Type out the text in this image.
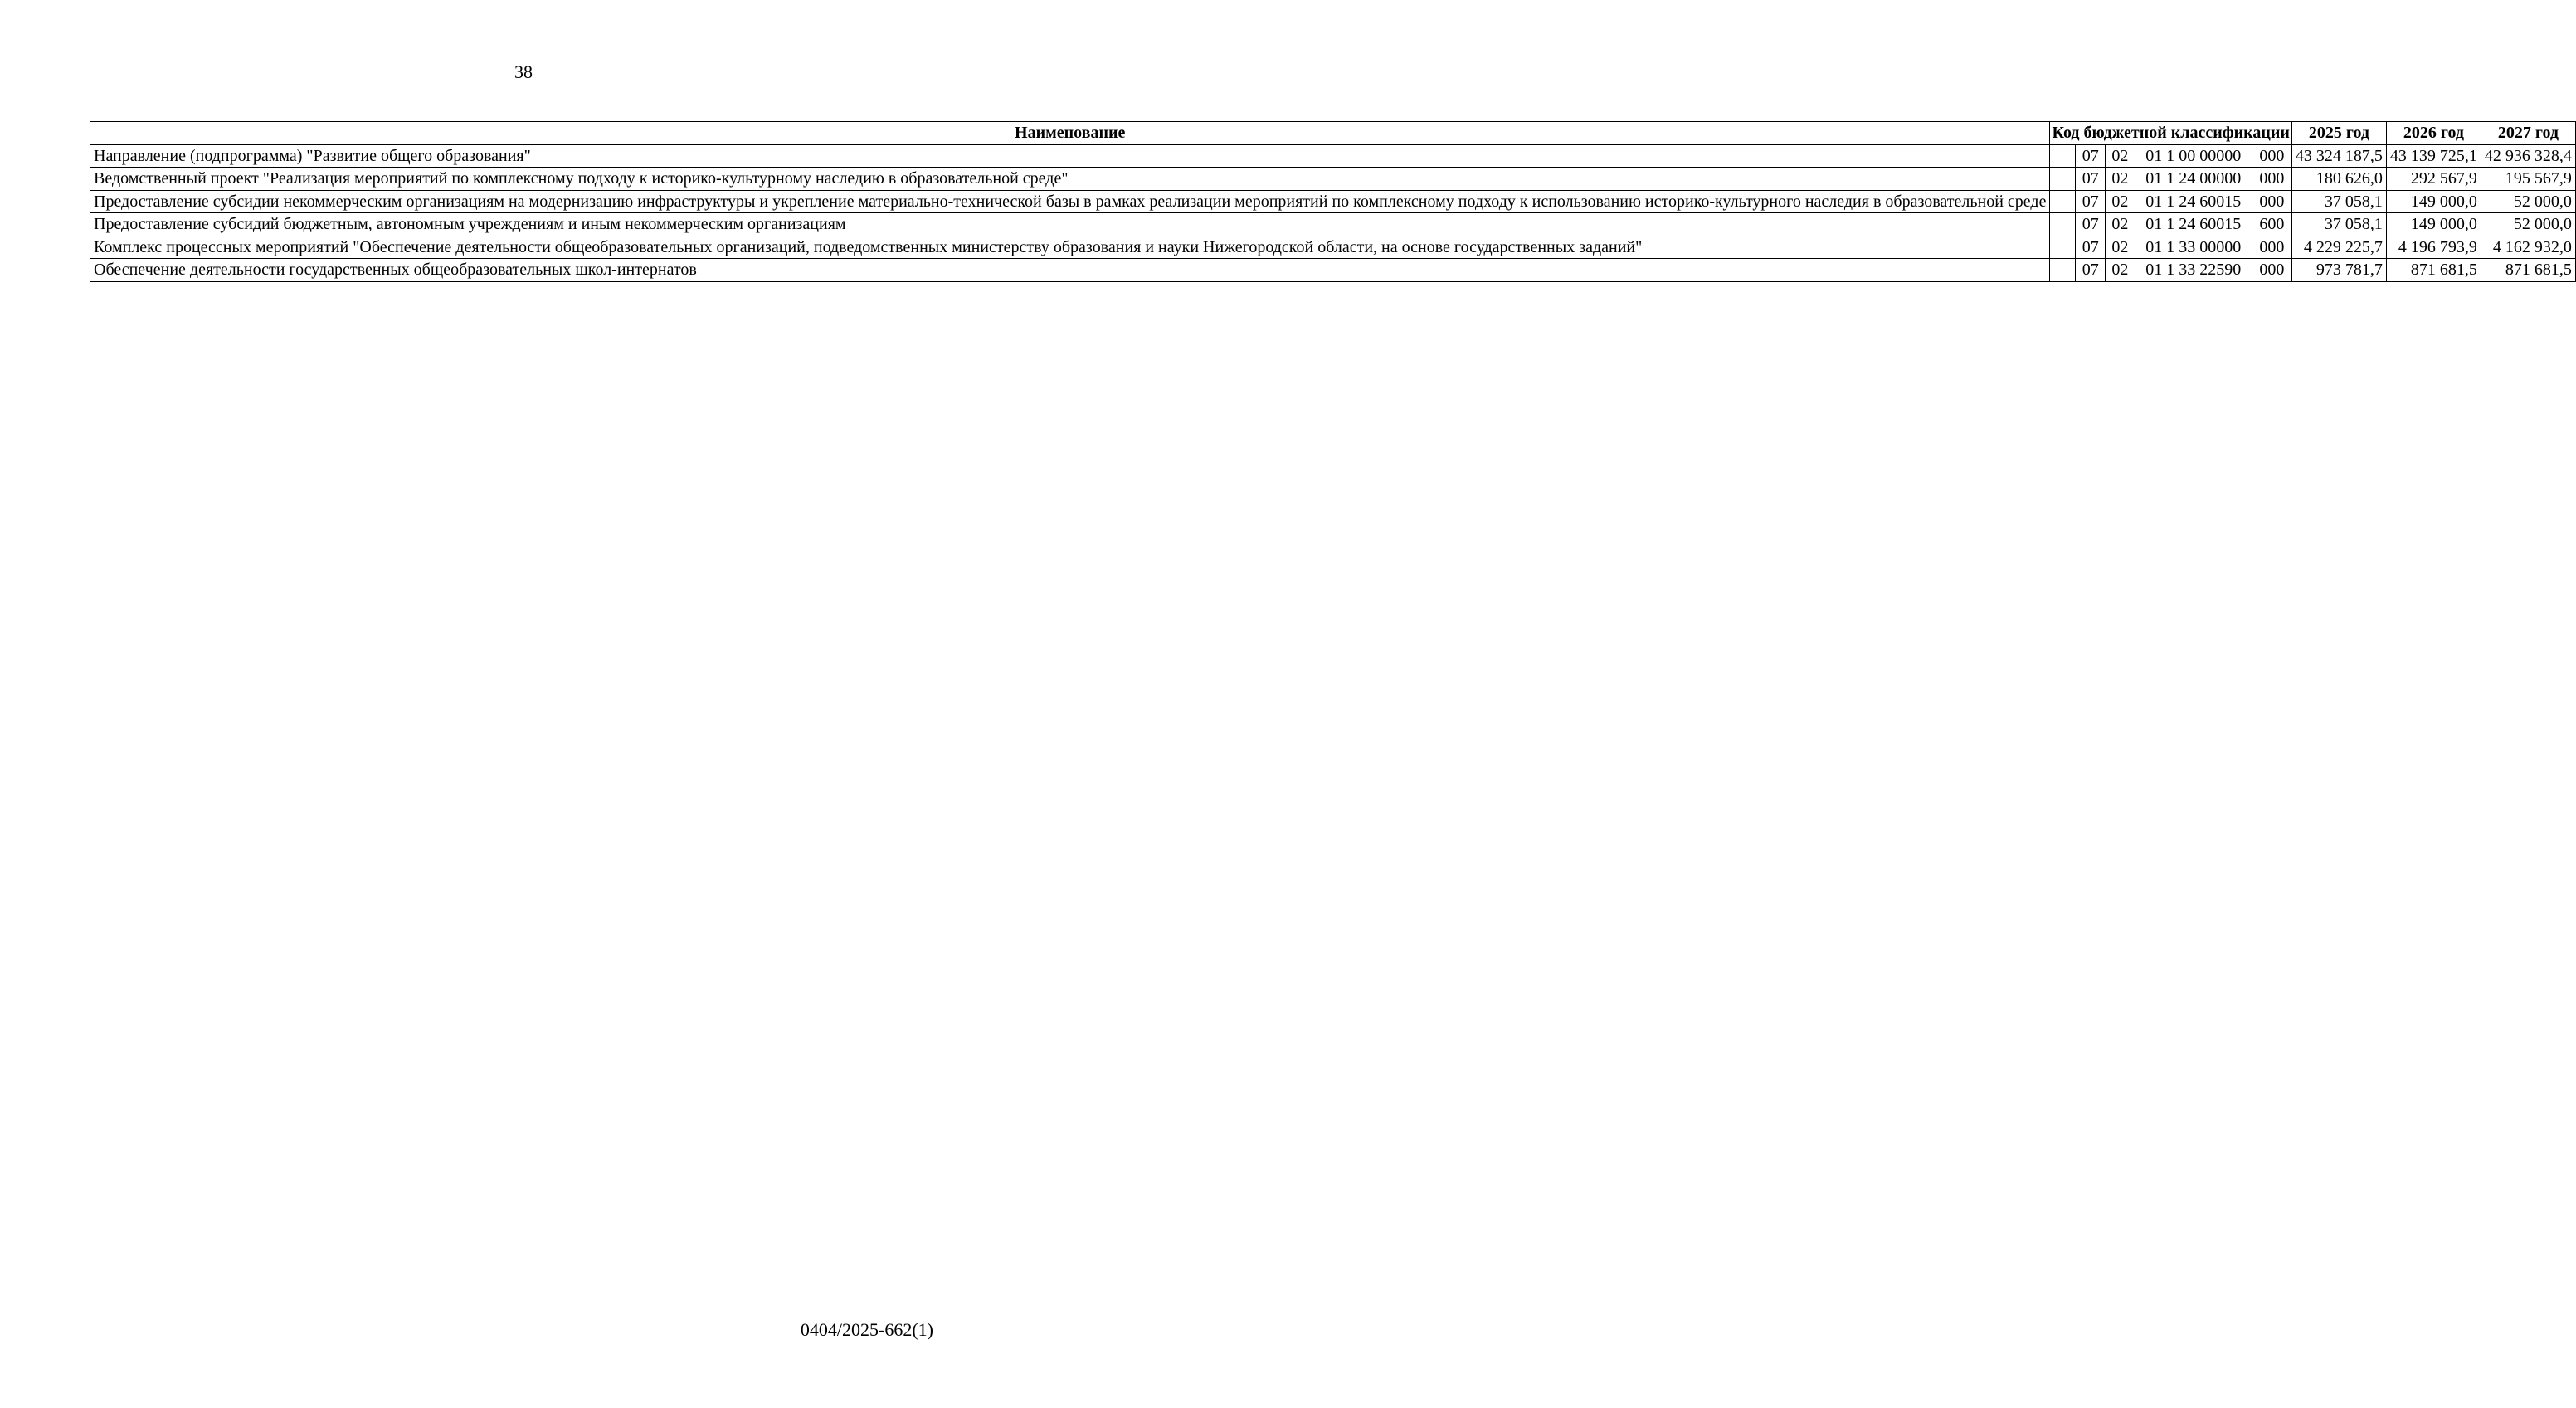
38
Наименование	Код бюджетной классификации					2025 год	2026 год	2027 год
Направление (подпрограмма) "Развитие общего образования"		07	02	01 1 00 00000	000	43 324 187,5	43 139 725,1	42 936 328,4
Ведомственный проект "Реализация мероприятий по комплексному подходу к историко-культурному наследию в образовательной среде"		07	02	01 1 24 00000	000	180 626,0	292 567,9	195 567,9
Предоставление субсидии некоммерческим организациям на модернизацию инфраструктуры и укрепление материально-технической базы в рамках реализации мероприятий по комплексному подходу к использованию историко-культурного наследия в образовательной среде		07	02	01 1 24 60015	000	37 058,1	149 000,0	52 000,0
Предоставление субсидий бюджетным, автономным учреждениям и иным некоммерческим организациям		07	02	01 1 24 60015	600	37 058,1	149 000,0	52 000,0
Комплекс процессных мероприятий "Обеспечение деятельности общеобразовательных организаций, подведомственных министерству образования и науки Нижегородской области, на основе государственных заданий"		07	02	01 1 33 00000	000	4 229 225,7	4 196 793,9	4 162 932,0
Обеспечение деятельности государственных общеобразовательных школ-интернатов		07	02	01 1 33 22590	000	973 781,7	871 681,5	871 681,5
0404/2025-662(1)
